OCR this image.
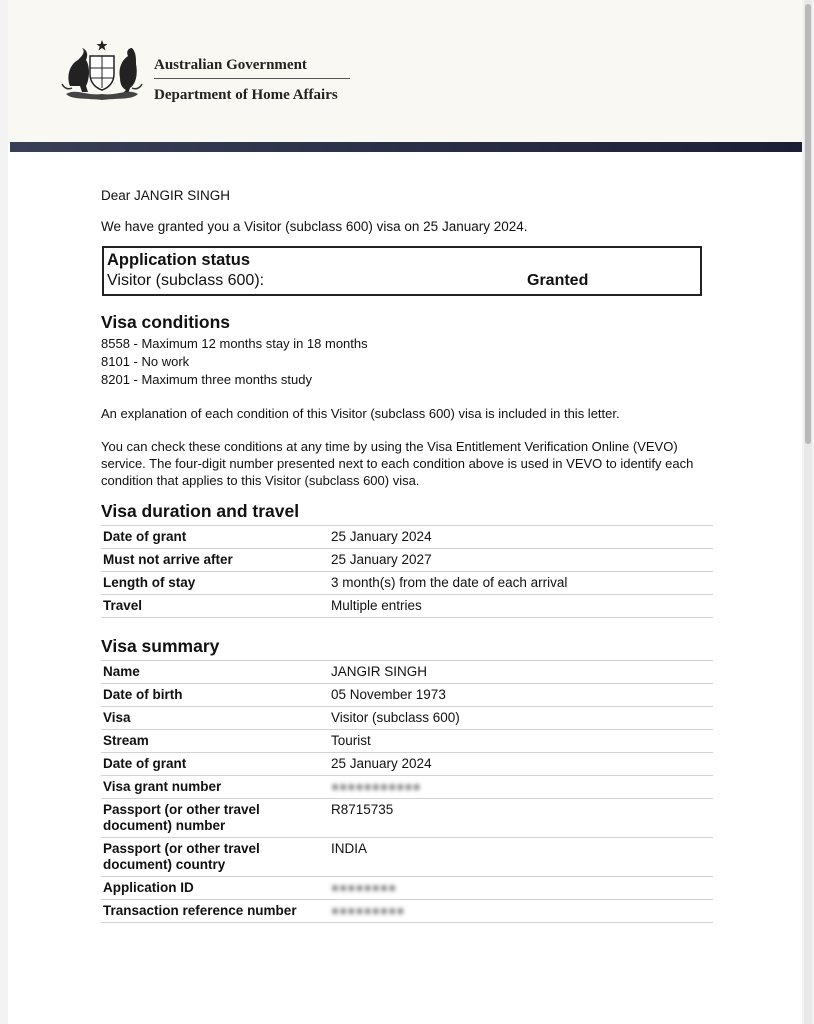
Australian Government
Department of Home Affairs

Dear JANGIR SINGH

We have granted you a Visitor (subclass 600) visa on 25 January 2024.

Application status
Visitor (subclass 600):	Granted
Visa conditions

8558 - Maximum 12 months stay in 18 months

8101 - No work

8201 - Maximum three months study

An explanation of each condition of this Visitor (subclass 600) visa is included in this letter.

You can check these conditions at any time by using the Visa Entitlement Verification Online (VEVO) service. The four-digit number presented next to each condition above is used in VEVO to identify each condition that applies to this Visitor (subclass 600) visa.

Visa duration and travel
Date of grant	25 January 2024
Must not arrive after	25 January 2027
Length of stay	3 month(s) from the date of each arrival
Travel	Multiple entries
Visa summary
Name	JANGIR SINGH
Date of birth	05 November 1973
Visa	Visitor (subclass 600)
Stream	Tourist
Date of grant	25 January 2024
Visa grant number	●●●●●●●●●●●
Passport (or other travel document) number	R8715735
Passport (or other travel document) country	INDIA
Application ID	●●●●●●●●
Transaction reference number	●●●●●●●●●
